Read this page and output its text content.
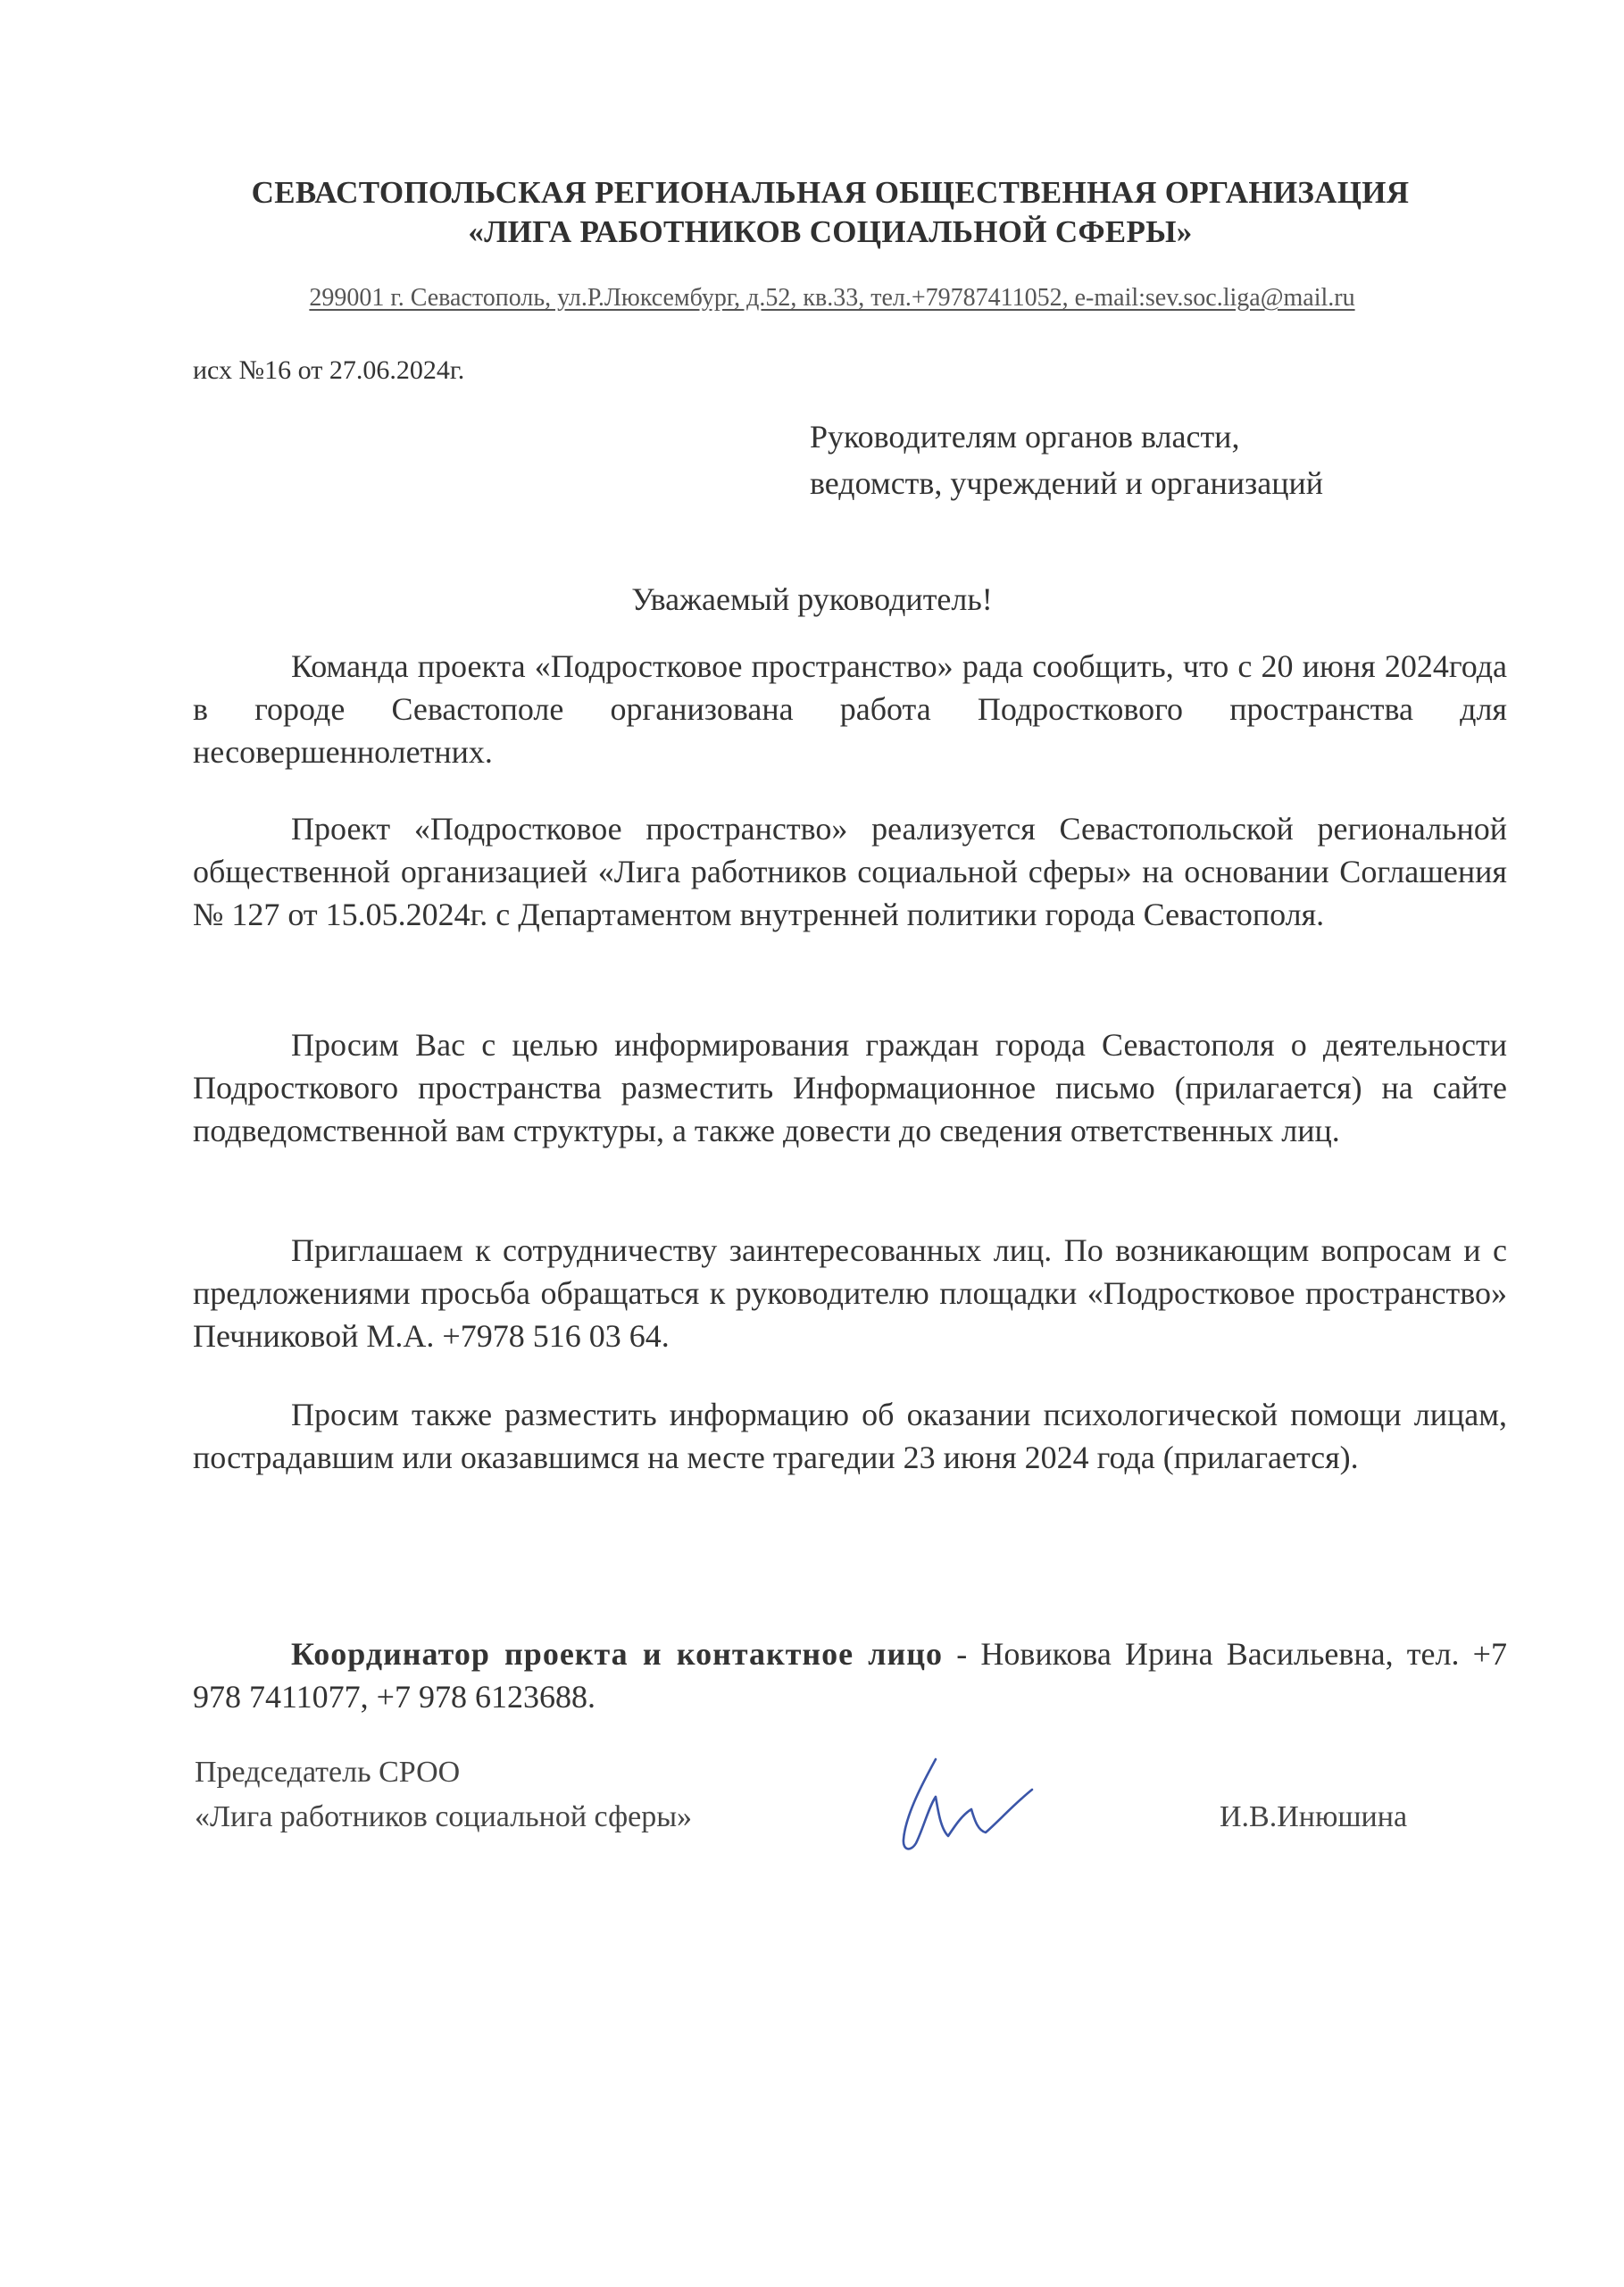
СЕВАСТОПОЛЬСКАЯ РЕГИОНАЛЬНАЯ ОБЩЕСТВЕННАЯ ОРГАНИЗАЦИЯ
«ЛИГА РАБОТНИКОВ СОЦИАЛЬНОЙ СФЕРЫ»
299001 г. Севастополь, ул.Р.Люксембург, д.52, кв.33, тел.+79787411052, e-mail:sev.soc.liga@mail.ru
исх №16 от 27.06.2024г.
Руководителям органов власти,
ведомств, учреждений и организаций
Уважаемый руководитель!
Команда проекта «Подростковое пространство» рада сообщить, что с 20 июня 2024года в городе Севастополе организована работа Подросткового пространства для несовершеннолетних.
Проект «Подростковое пространство» реализуется Севастопольской региональной общественной организацией «Лига работников социальной сферы» на основании Соглашения № 127 от 15.05.2024г. с Департаментом внутренней политики города Севастополя.
Просим Вас с целью информирования граждан города Севастополя о деятельности Подросткового пространства разместить Информационное письмо (прилагается) на сайте подведомственной вам структуры, а также довести до сведения ответственных лиц.
Приглашаем к сотрудничеству заинтересованных лиц. По возникающим вопросам и с предложениями просьба обращаться к руководителю площадки «Подростковое пространство» Печниковой М.А. +7978 516 03 64.
Просим также разместить информацию об оказании психологической помощи лицам, пострадавшим или оказавшимся на месте трагедии 23 июня 2024 года (прилагается).
Координатор проекта и контактное лицо - Новикова Ирина Васильевна, тел. +7 978 7411077, +7 978 6123688.
Председатель СРОО
«Лига работников социальной сферы»	И.В.Инюшина
